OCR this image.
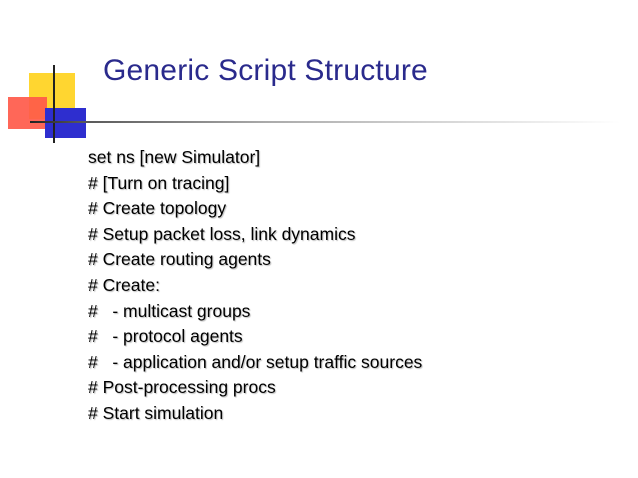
Generic Script Structure
set ns [new Simulator]
# [Turn on tracing]
# Create topology
# Setup packet loss, link dynamics
# Create routing agents
# Create:
#   - multicast groups
#   - protocol agents
#   - application and/or setup traffic sources
# Post-processing procs
# Start simulation
